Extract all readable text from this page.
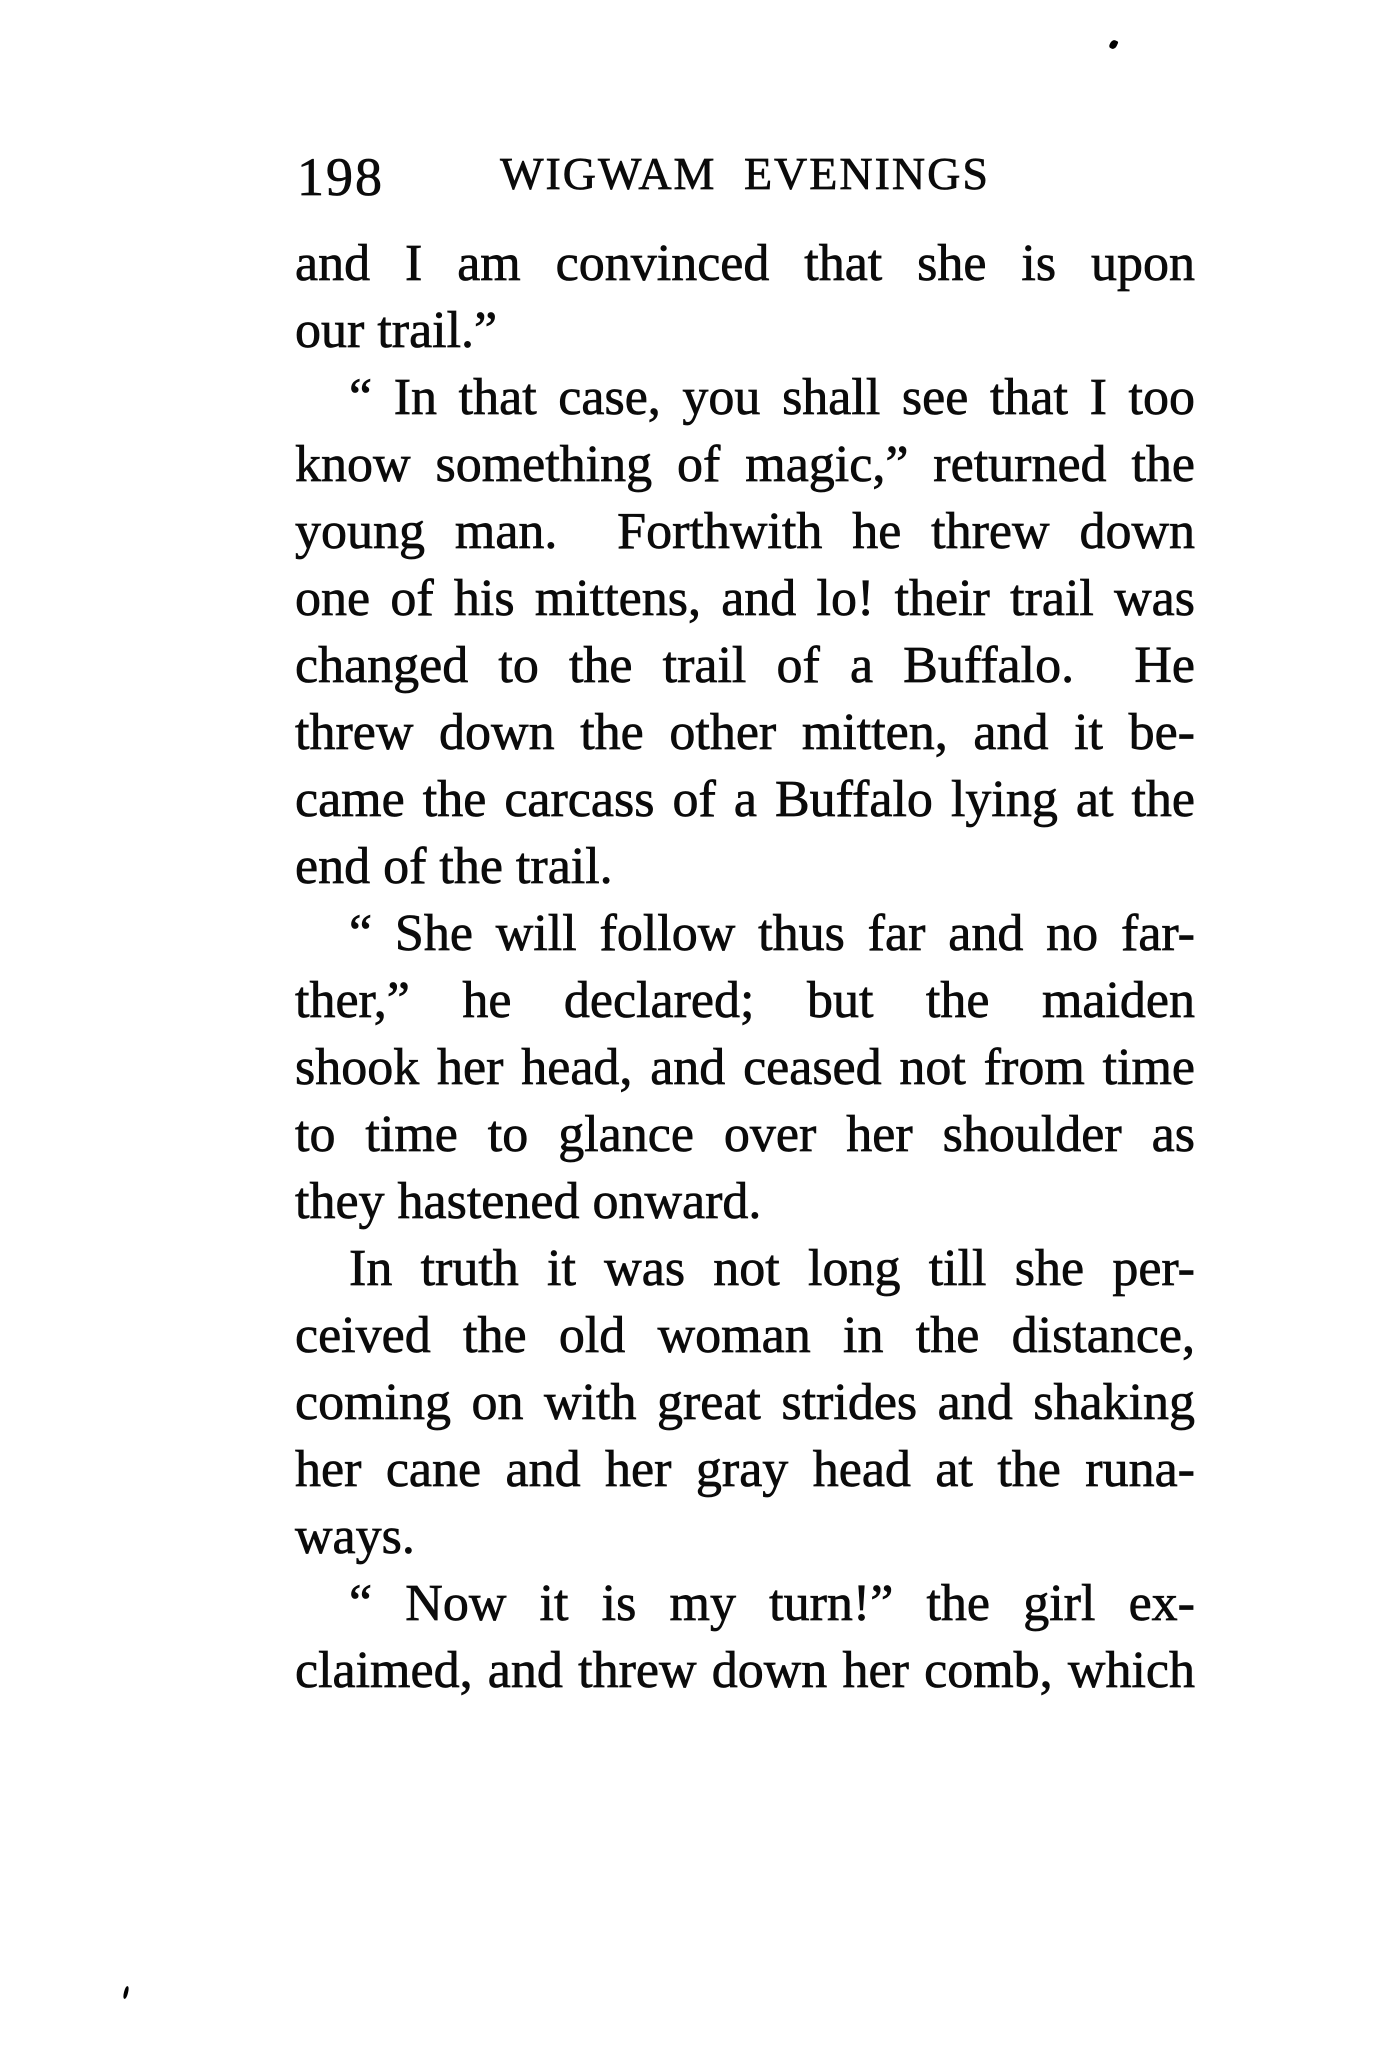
198	WIGWAM EVENINGS
and I am convinced that she is upon
our trail.”
“ In that case, you shall see that I too
know something of magic,” returned the
young man.  Forthwith he threw down
one of his mittens, and lo! their trail was
changed to the trail of a Buffalo.  He
threw down the other mitten, and it be-
came the carcass of a Buffalo lying at the
end of the trail.
“ She will follow thus far and no far-
ther,” he declared; but the maiden
shook her head, and ceased not from time
to time to glance over her shoulder as
they hastened onward.
In truth it was not long till she per-
ceived the old woman in the distance,
coming on with great strides and shaking
her cane and her gray head at the runa-
ways.
“ Now it is my turn!” the girl ex-
claimed, and threw down her comb, which
